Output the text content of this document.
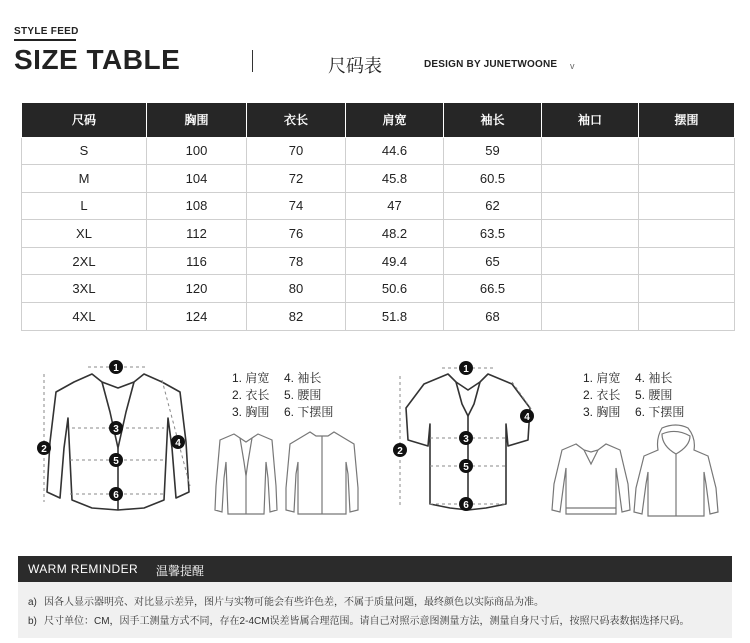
STYLE FEED
SIZE TABLE	尺码表	DESIGN BY JUNETWOONE v
尺码	胸围	衣长	肩宽	袖长	袖口	摆围
S	100	70	44.6	59		
M	104	72	45.8	60.5		
L	108	74	47	62		
XL	112	76	48.2	63.5		
2XL	116	78	49.4	65		
3XL	120	80	50.6	66.5		
4XL	124	82	51.8	68		
1
2
3
4
5
6
1. 肩宽 4. 袖长
2. 衣长 5. 腰围
3. 胸围 6. 下摆围
1
2
3
4
5
6
1. 肩宽 4. 袖长
2. 衣长 5. 腰围
3. 胸围 6. 下摆围
WARM REMINDER 温馨提醒
a) 因各人显示器明亮、对比显示差异，图片与实物可能会有些许色差，不属于质量问题，最终颜色以实际商品为准。
b) 尺寸单位：CM，因手工测量方式不同，存在2-4CM误差皆属合理范围。请自己对照示意图测量方法，测量自身尺寸后，按照尺码表数据选择尺码。
